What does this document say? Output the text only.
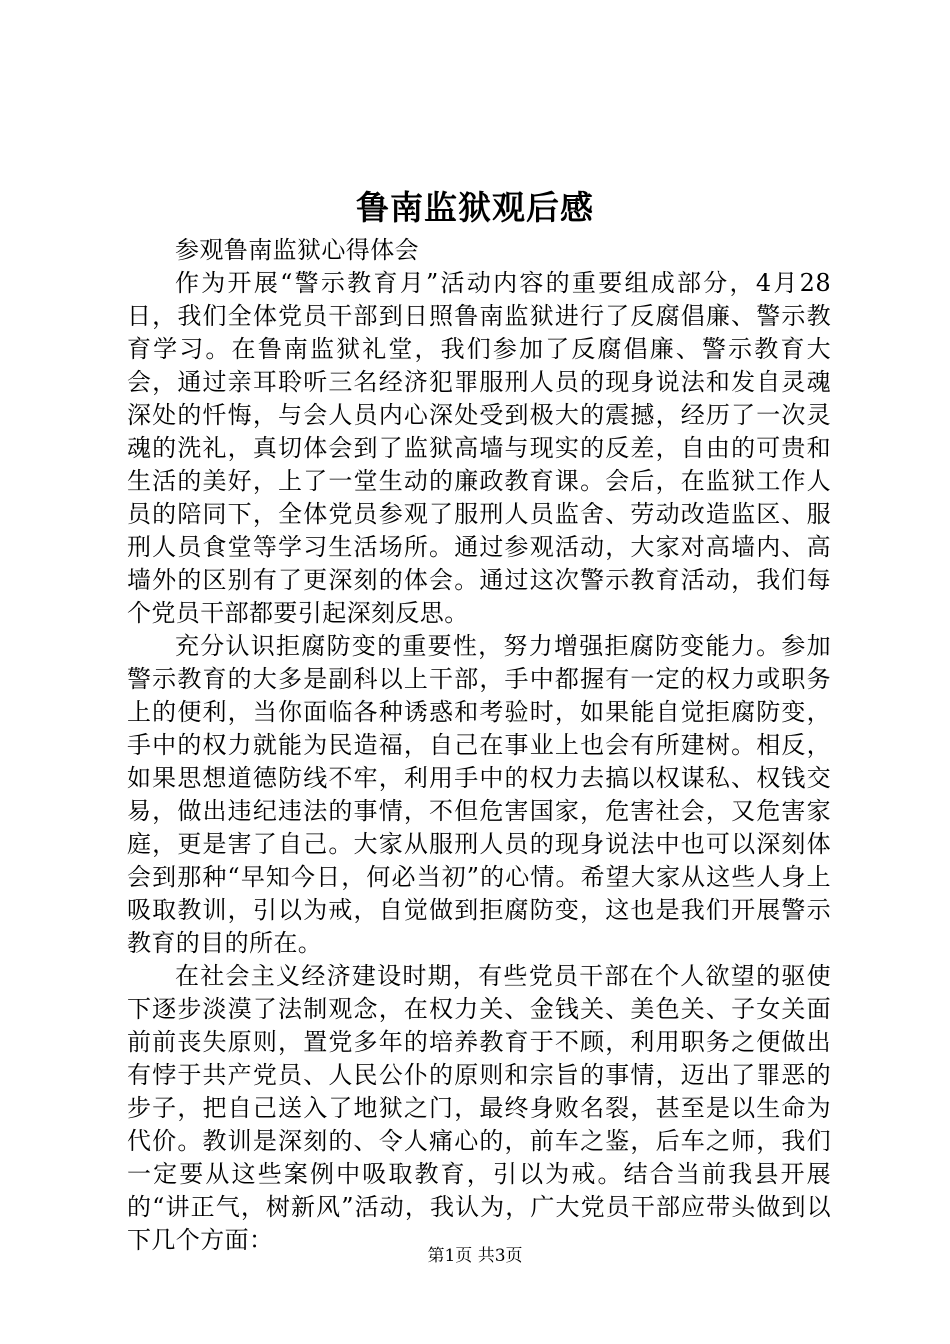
鲁南监狱观后感

参观鲁南监狱心得体会

作为开展“警示教育月”活动内容的重要组成部分，4月28日，我们全体党员干部到日照鲁南监狱进行了反腐倡廉、警示教育学习。在鲁南监狱礼堂，我们参加了反腐倡廉、警示教育大会，通过亲耳聆听三名经济犯罪服刑人员的现身说法和发自灵魂深处的忏悔，与会人员内心深处受到极大的震撼，经历了一次灵魂的洗礼，真切体会到了监狱高墙与现实的反差，自由的可贵和生活的美好，上了一堂生动的廉政教育课。会后，在监狱工作人员的陪同下，全体党员参观了服刑人员监舍、劳动改造监区、服刑人员食堂等学习生活场所。通过参观活动，大家对高墙内、高墙外的区别有了更深刻的体会。通过这次警示教育活动，我们每个党员干部都要引起深刻反思。

充分认识拒腐防变的重要性，努力增强拒腐防变能力。参加警示教育的大多是副科以上干部，手中都握有一定的权力或职务上的便利，当你面临各种诱惑和考验时，如果能自觉拒腐防变，手中的权力就能为民造福，自己在事业上也会有所建树。相反，如果思想道德防线不牢，利用手中的权力去搞以权谋私、权钱交易，做出违纪违法的事情，不但危害国家，危害社会，又危害家庭，更是害了自己。大家从服刑人员的现身说法中也可以深刻体会到那种“早知今日，何必当初”的心情。希望大家从这些人身上吸取教训，引以为戒，自觉做到拒腐防变，这也是我们开展警示教育的目的所在。

在社会主义经济建设时期，有些党员干部在个人欲望的驱使下逐步淡漠了法制观念，在权力关、金钱关、美色关、子女关面前前丧失原则，置党多年的培养教育于不顾，利用职务之便做出有悖于共产党员、人民公仆的原则和宗旨的事情，迈出了罪恶的步子，把自己送入了地狱之门，最终身败名裂，甚至是以生命为代价。教训是深刻的、令人痛心的，前车之鉴，后车之师，我们一定要从这些案例中吸取教育，引以为戒。结合当前我县开展的“讲正气，树新风”活动，我认为，广大党员干部应带头做到以下几个方面：

第1页 共3页
